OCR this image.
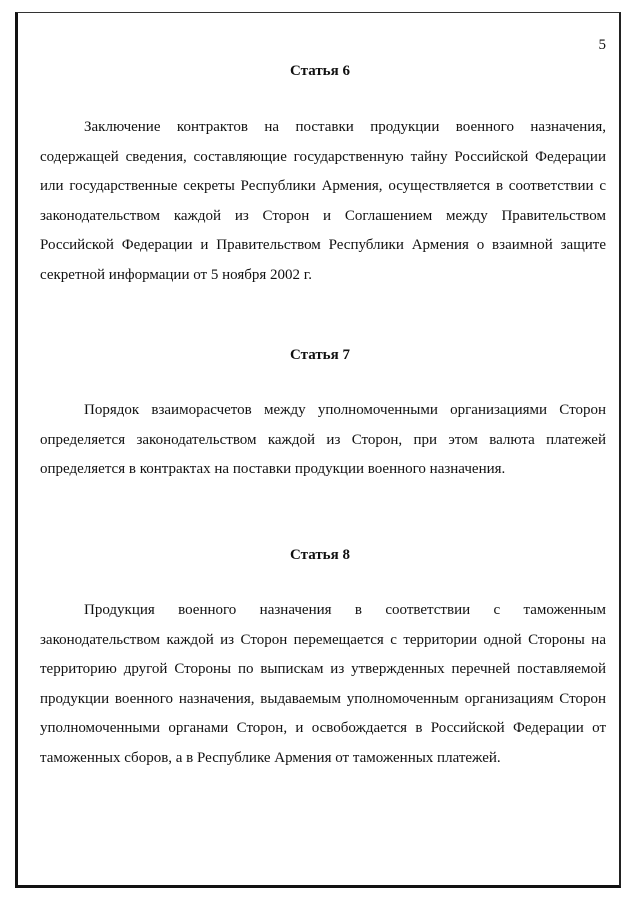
5
Статья 6
Заключение контрактов на поставки продукции военного назначения, содержащей сведения, составляющие государственную тайну Российской Федерации или государственные секреты Республики Армения, осуществляется в соответствии с законодательством каждой из Сторон и Соглашением между Правительством Российской Федерации и Правительством Республики Армения о взаимной защите секретной информации от 5 ноября 2002 г.
Статья 7
Порядок взаиморасчетов между уполномоченными организациями Сторон определяется законодательством каждой из Сторон, при этом валюта платежей определяется в контрактах на поставки продукции военного назначения.
Статья 8
Продукция военного назначения в соответствии с таможенным законодательством каждой из Сторон перемещается с территории одной Стороны на территорию другой Стороны по выпискам из утвержденных перечней поставляемой продукции военного назначения, выдаваемым уполномоченным организациям Сторон уполномоченными органами Сторон, и освобождается в Российской Федерации от таможенных сборов, а в Республике Армения от таможенных платежей.
